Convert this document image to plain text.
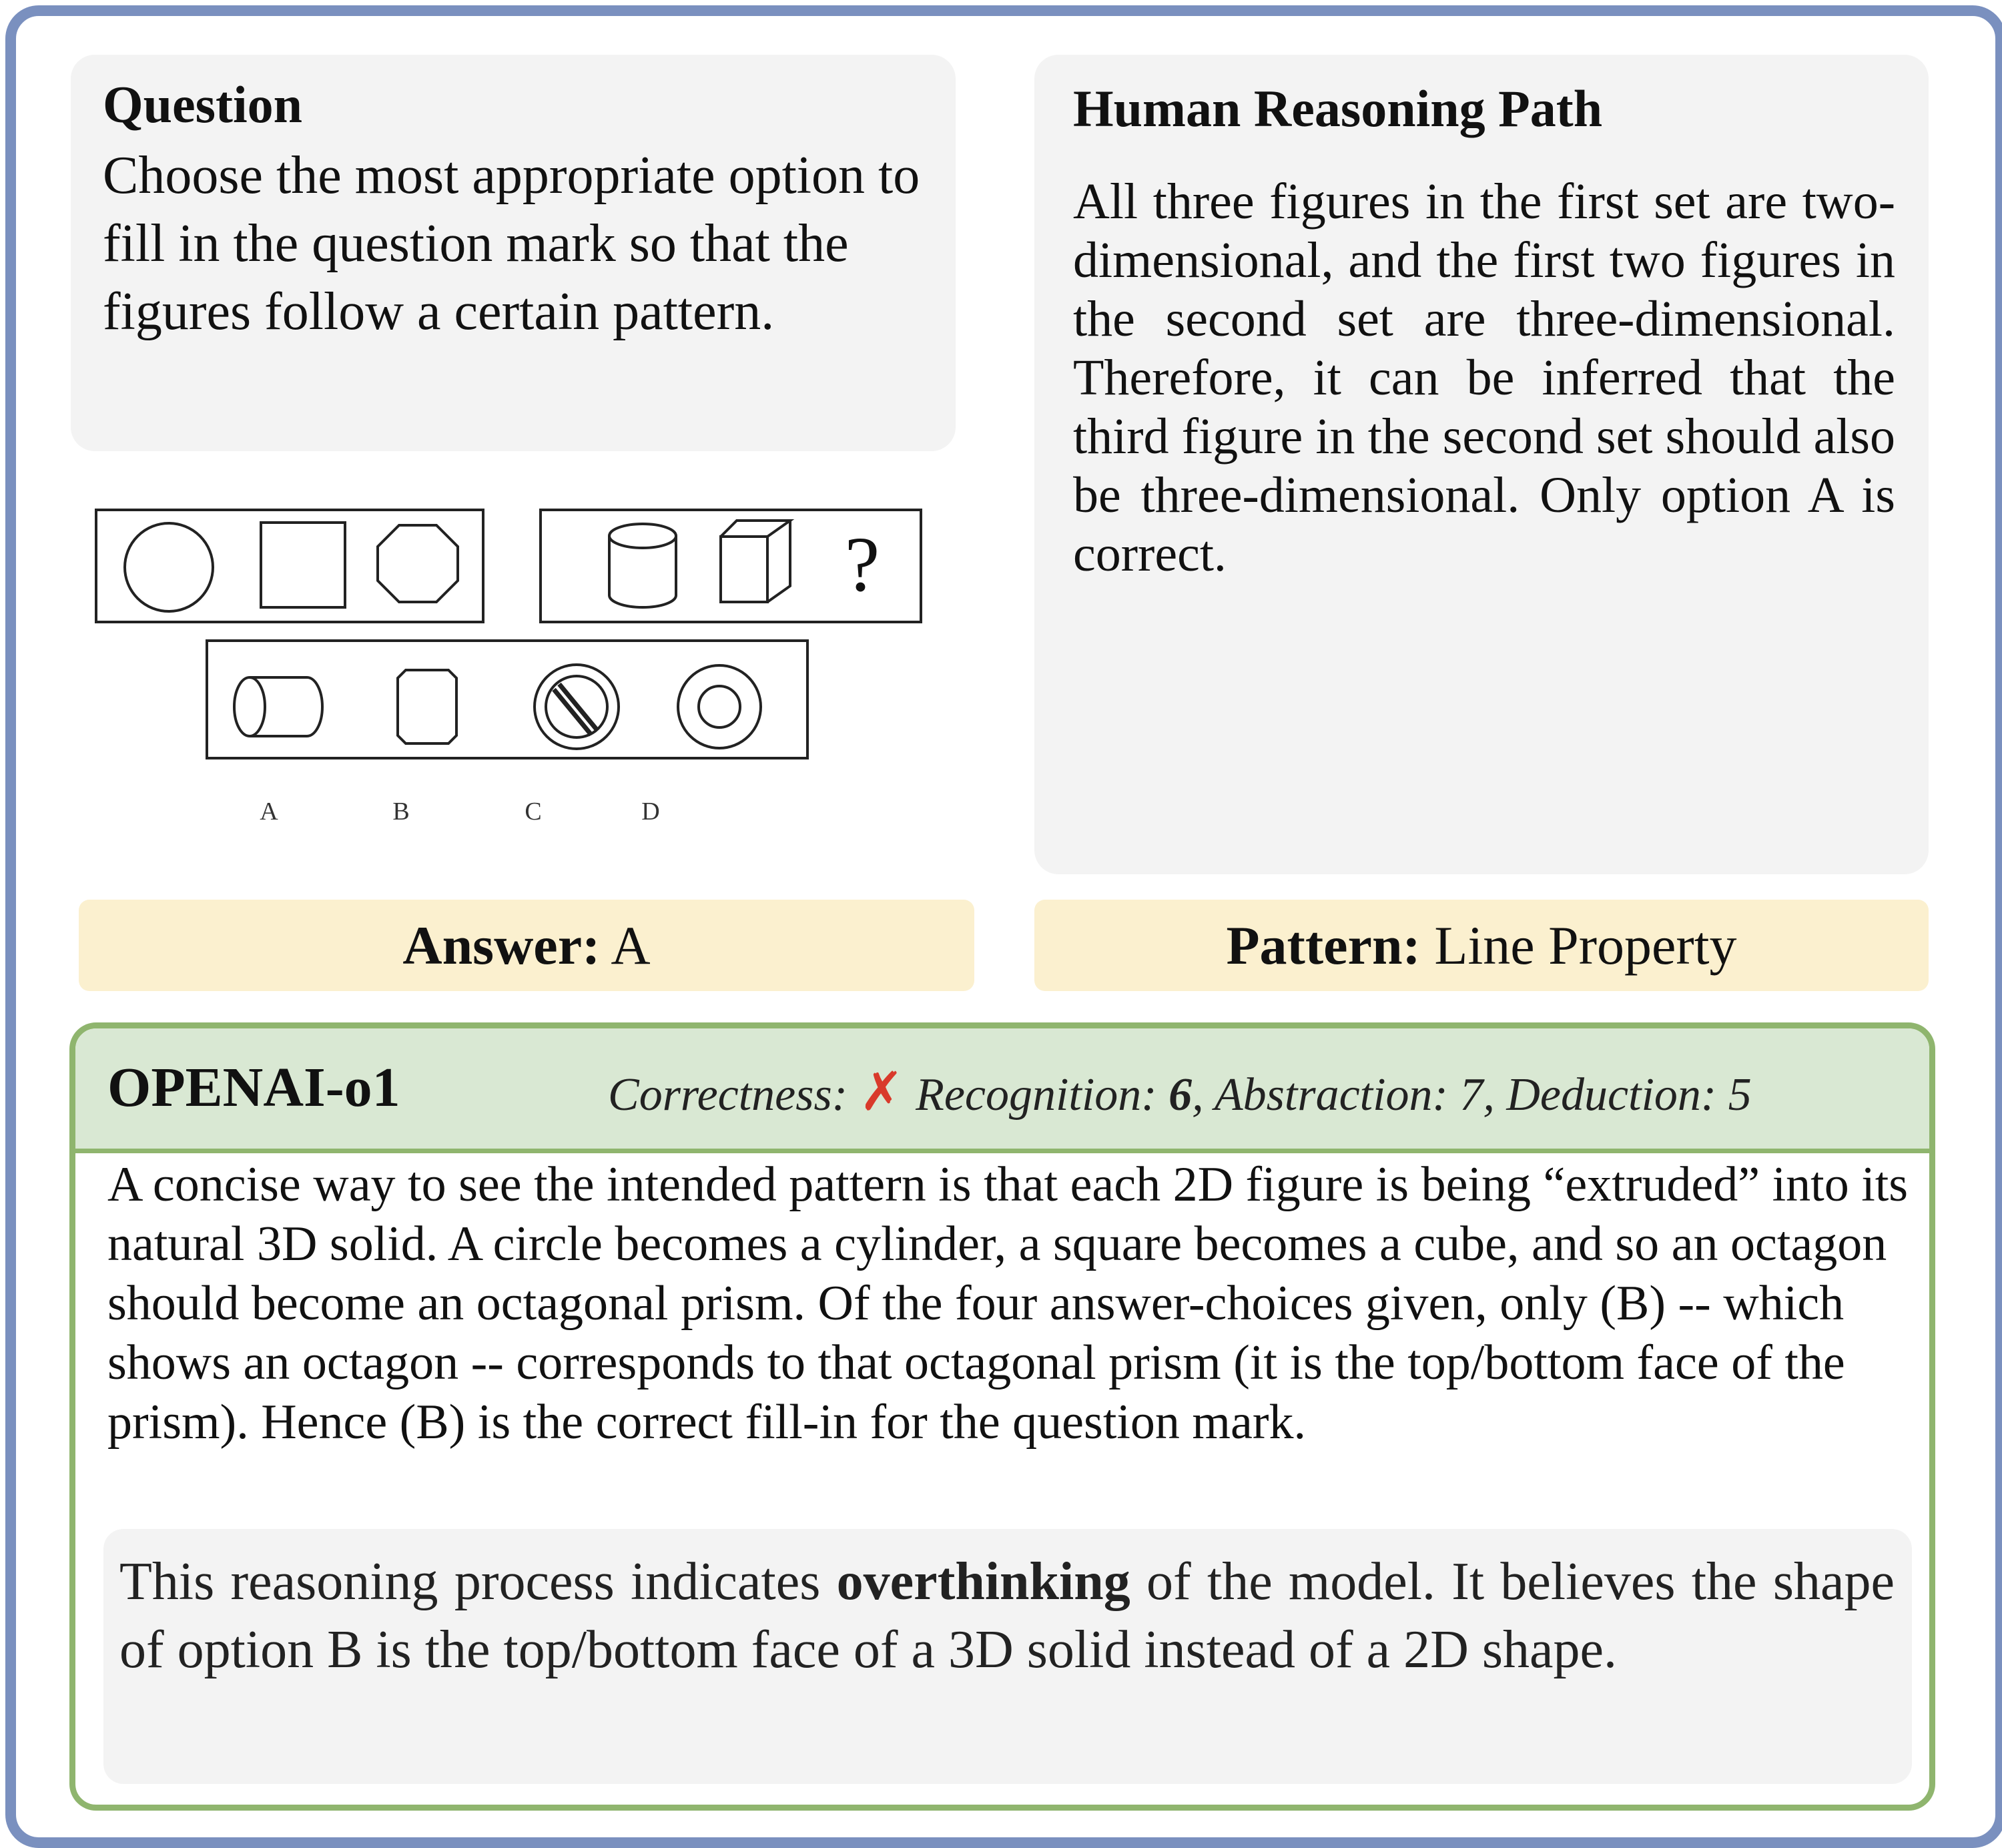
Question
Choose the most appropriate option to fill in the question mark so that the figures follow a certain pattern.
?
A	B	C	D
Human Reasoning Path
All three figures in the first set are two-dimensional, and the first two figures in the second set are three-dimensional. Therefore, it can be inferred that the third figure in the second set should also be three-dimensional. Only option A is correct.
Answer: A	Pattern: Line Property
OPENAI-o1	Correctness: ✗ Recognition: 6, Abstraction: 7, Deduction: 5
A concise way to see the intended pattern is that each 2D figure is being “extruded” into its natural 3D solid. A circle becomes a cylinder, a square becomes a cube, and so an octagon should become an octagonal prism. Of the four answer-choices given, only (B) -- which shows an octagon -- corresponds to that octagonal prism (it is the top/bottom face of the prism). Hence (B) is the correct fill-in for the question mark.
This reasoning process indicates overthinking of the model. It believes the shape of option B is the top/bottom face of a 3D solid instead of a 2D shape.
